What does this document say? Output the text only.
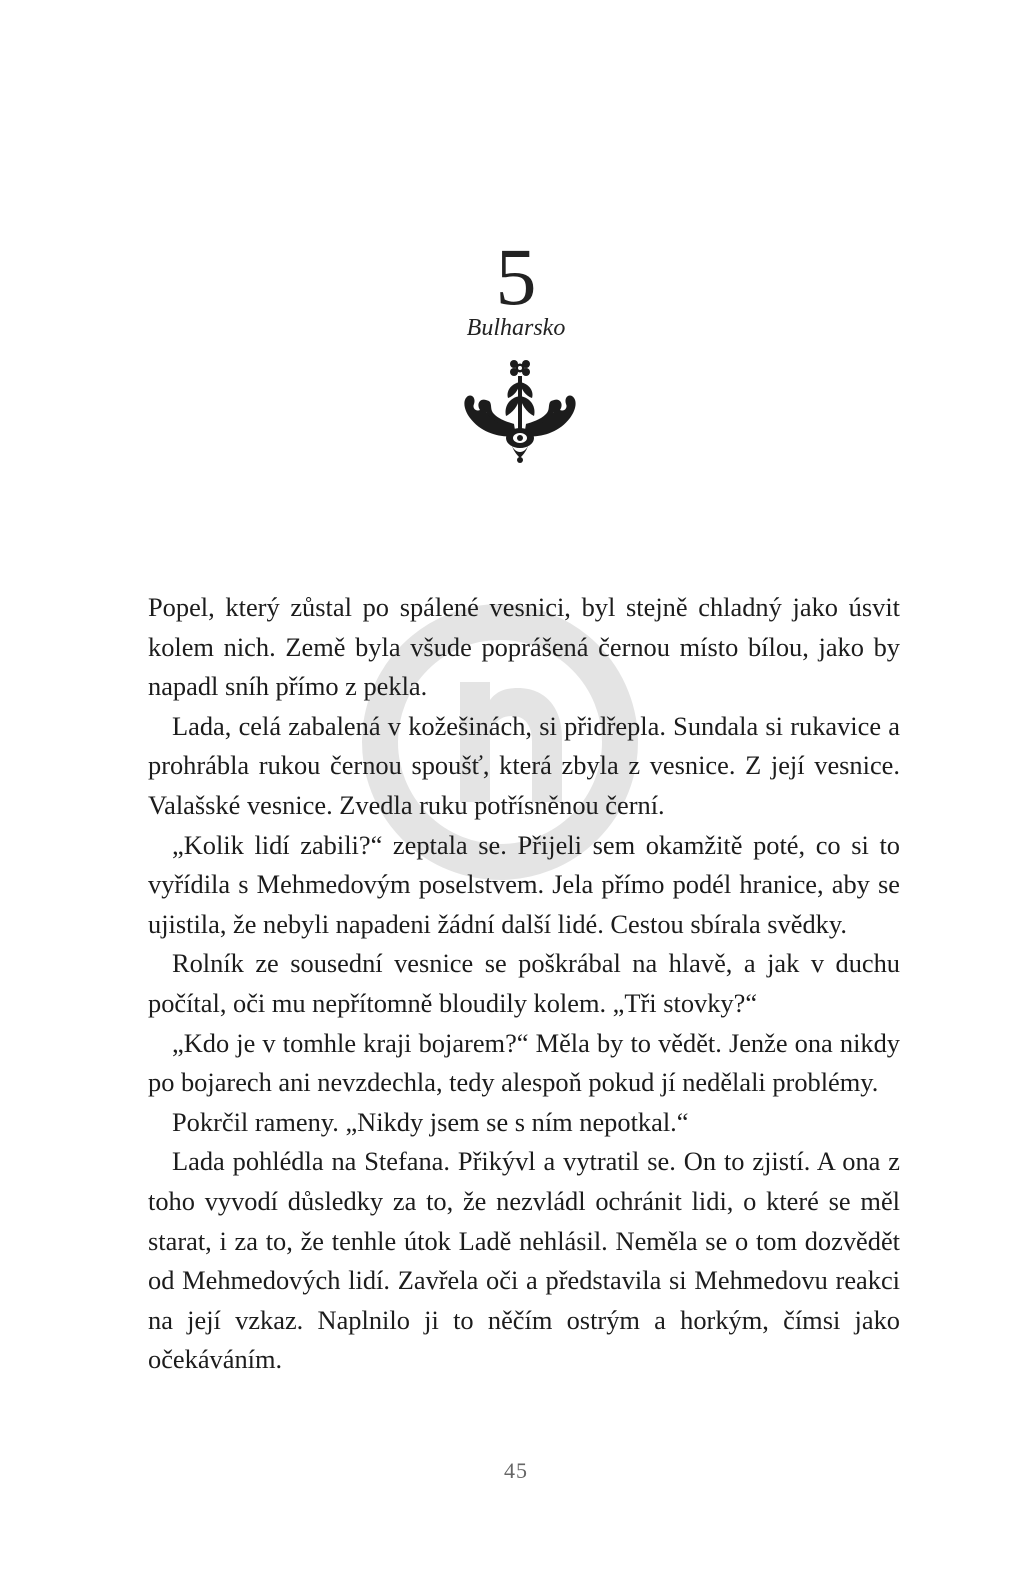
5
Bulharsko

Popel, který zůstal po spálené vesnici, byl stejně chladný jako úsvit kolem nich. Země byla všude poprášená černou místo bílou, jako by napadl sníh přímo z pekla.

Lada, celá zabalená v kožešinách, si přidřepla. Sundala si rukavice a prohrábla rukou černou spoušť, která zbyla z vesnice. Z její vesnice. Valašské vesnice. Zvedla ruku potřísněnou černí.

„Kolik lidí zabili?“ zeptala se. Přijeli sem okamžitě poté, co si to vyřídila s Mehmedovým poselstvem. Jela přímo podél hranice, aby se ujistila, že nebyli napadeni žádní další lidé. Cestou sbírala svědky.

Rolník ze sousední vesnice se poškrábal na hlavě, a jak v duchu počítal, oči mu nepřítomně bloudily kolem. „Tři stovky?“

„Kdo je v tomhle kraji bojarem?“ Měla by to vědět. Jenže ona nikdy po bojarech ani nevzdechla, tedy alespoň pokud jí nedělali problémy.

Pokrčil rameny. „Nikdy jsem se s ním nepotkal.“

Lada pohlédla na Stefana. Přikývl a vytratil se. On to zjistí. A ona z toho vyvodí důsledky za to, že nezvládl ochránit lidi, o které se měl starat, i za to, že tenhle útok Ladě nehlásil. Neměla se o tom dozvědět od Mehmedových lidí. Zavřela oči a představila si Mehmedovu reakci na její vzkaz. Naplnilo ji to něčím ostrým a horkým, čímsi jako očekáváním.

45
